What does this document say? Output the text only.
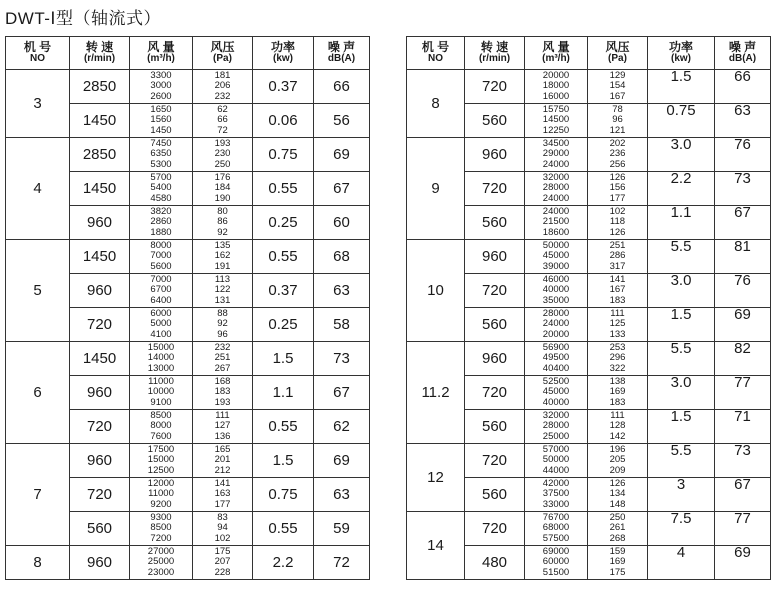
DWT-Ⅰ型（轴流式）
机 号
NO	转 速
(r/min)	风 量
(m³/h)	风压
(Pa)	功率
(kw)	噪 声
dB(A)

3	2850	3300
3000
2600	181
206
232	0.37	66
	1450	1650
1560
1450	62
66
72	0.06	56
4	2850	7450
6350
5300	193
230
250	0.75	69
	1450	5700
5400
4580	176
184
190	0.55	67
	960	3820
2860
1880	80
86
92	0.25	60
5	1450	8000
7000
5600	135
162
191	0.55	68
	960	7000
6700
6400	113
122
131	0.37	63
	720	6000
5000
4100	88
92
96	0.25	58
6	1450	15000
14000
13000	232
251
267	1.5	73
	960	11000
10000
9100	168
183
193	1.1	67
	720	8500
8000
7600	111
127
136	0.55	62
7	960	17500
15000
12500	165
201
212	1.5	69
	720	12000
11000
9200	141
163
177	0.75	63
	560	9300
8500
7200	83
94
102	0.55	59
8	960	27000
25000
23000	175
207
228	2.2	72
机 号
NO	转 速
(r/min)	风 量
(m³/h)	风压
(Pa)	功率
(kw)	噪 声
dB(A)

8	720	20000
18000
16000	129
154
167	1.5	66
	560	15750
14500
12250	78
96
121	0.75	63
9	960	34500
29000
24000	202
236
256	3.0	76
	720	32000
28000
24000	126
156
177	2.2	73
	560	24000
21500
18600	102
118
126	1.1	67
10	960	50000
45000
39000	251
286
317	5.5	81
	720	46000
40000
35000	141
167
183	3.0	76
	560	28000
24000
20000	111
125
133	1.5	69
11.2	960	56900
49500
40400	253
296
322	5.5	82
	720	52500
45000
40000	138
169
183	3.0	77
	560	32000
28000
25000	111
128
142	1.5	71
12	720	57000
50000
44000	196
205
209	5.5	73
	560	42000
37500
33000	126
134
148	3	67
14	720	76700
68000
57500	250
261
268	7.5	77
	480	69000
60000
51500	159
169
175	4	69
